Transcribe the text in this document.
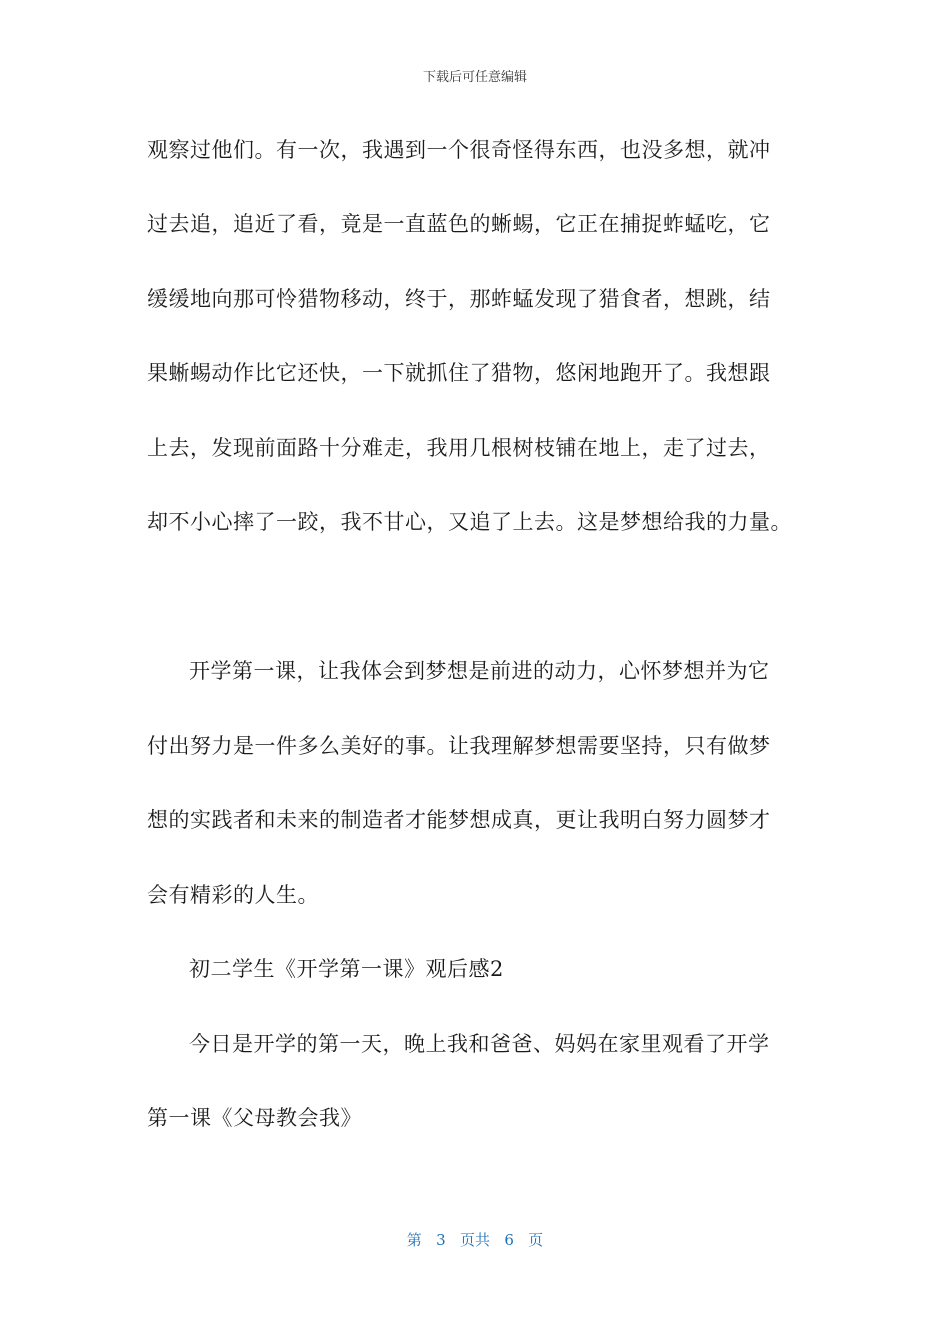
下载后可任意编辑
观察过他们。有一次，我遇到一个很奇怪得东西，也没多想，就冲
过去追，追近了看，竟是一直蓝色的蜥蜴，它正在捕捉蚱蜢吃，它
缓缓地向那可怜猎物移动，终于，那蚱蜢发现了猎食者，想跳，结
果蜥蜴动作比它还快，一下就抓住了猎物，悠闲地跑开了。我想跟
上去，发现前面路十分难走，我用几根树枝铺在地上，走了过去，
却不小心摔了一跤，我不甘心，又追了上去。这是梦想给我的力量。
开学第一课，让我体会到梦想是前进的动力，心怀梦想并为它
付出努力是一件多么美好的事。让我理解梦想需要坚持，只有做梦
想的实践者和未来的制造者才能梦想成真，更让我明白努力圆梦才
会有精彩的人生。
初二学生《开学第一课》观后感2
今日是开学的第一天，晚上我和爸爸、妈妈在家里观看了开学
第一课《父母教会我》
第 3 页共 6 页
